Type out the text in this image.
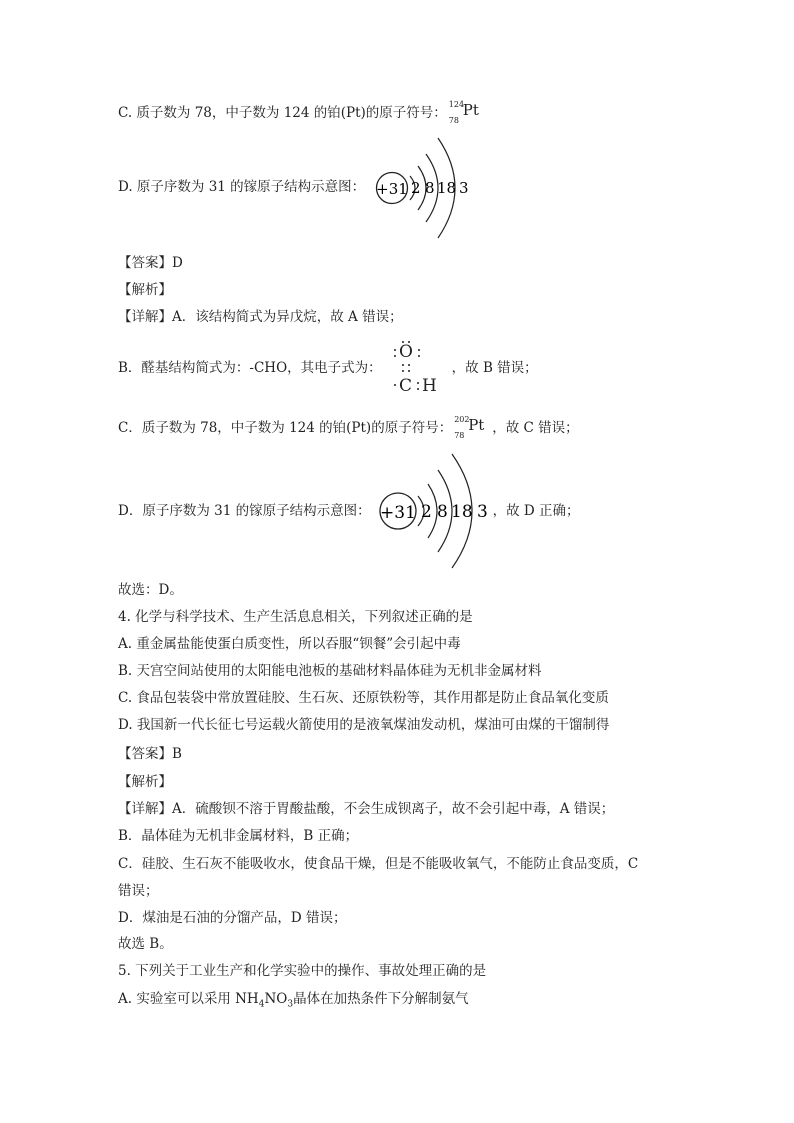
C. 质子数为 78，中子数为 124 的铂(Pt)的原子符号：
124
78
Pt
D. 原子序数为 31 的镓原子结构示意图： +31 2 8 18 3
【答案】D
【解析】
【详解】A．该结构简式为异戊烷，故 A 错误；
B．醛基结构简式为：-CHO，其电子式为：	，故 B 错误；
O
C H
C．质子数为 78，中子数为 124 的铂(Pt)的原子符号：
202
78
Pt ，故 C 错误；
D．原子序数为 31 的镓原子结构示意图：	，故 D 正确；
+31 2 8 18 3
故选：D。
4. 化学与科学技术、生产生活息息相关，下列叙述正确的是
A. 重金属盐能使蛋白质变性，所以吞服“钡餐”会引起中毒
B. 天宫空间站使用的太阳能电池板的基础材料晶体硅为无机非金属材料
C. 食品包装袋中常放置硅胶、生石灰、还原铁粉等，其作用都是防止食品氧化变质
D. 我国新一代长征七号运载火箭使用的是液氧煤油发动机，煤油可由煤的干馏制得
【答案】B
【解析】
【详解】A．硫酸钡不溶于胃酸盐酸，不会生成钡离子，故不会引起中毒，A 错误；
B．晶体硅为无机非金属材料，B 正确；
C．硅胶、生石灰不能吸收水，使食品干燥，但是不能吸收氧气，不能防止食品变质，C
错误；
D．煤油是石油的分馏产品，D 错误；
故选 B。
5. 下列关于工业生产和化学实验中的操作、事故处理正确的是
A. 实验室可以采用 $NH_4NO_3$晶体在加热条件下分解制氨气
